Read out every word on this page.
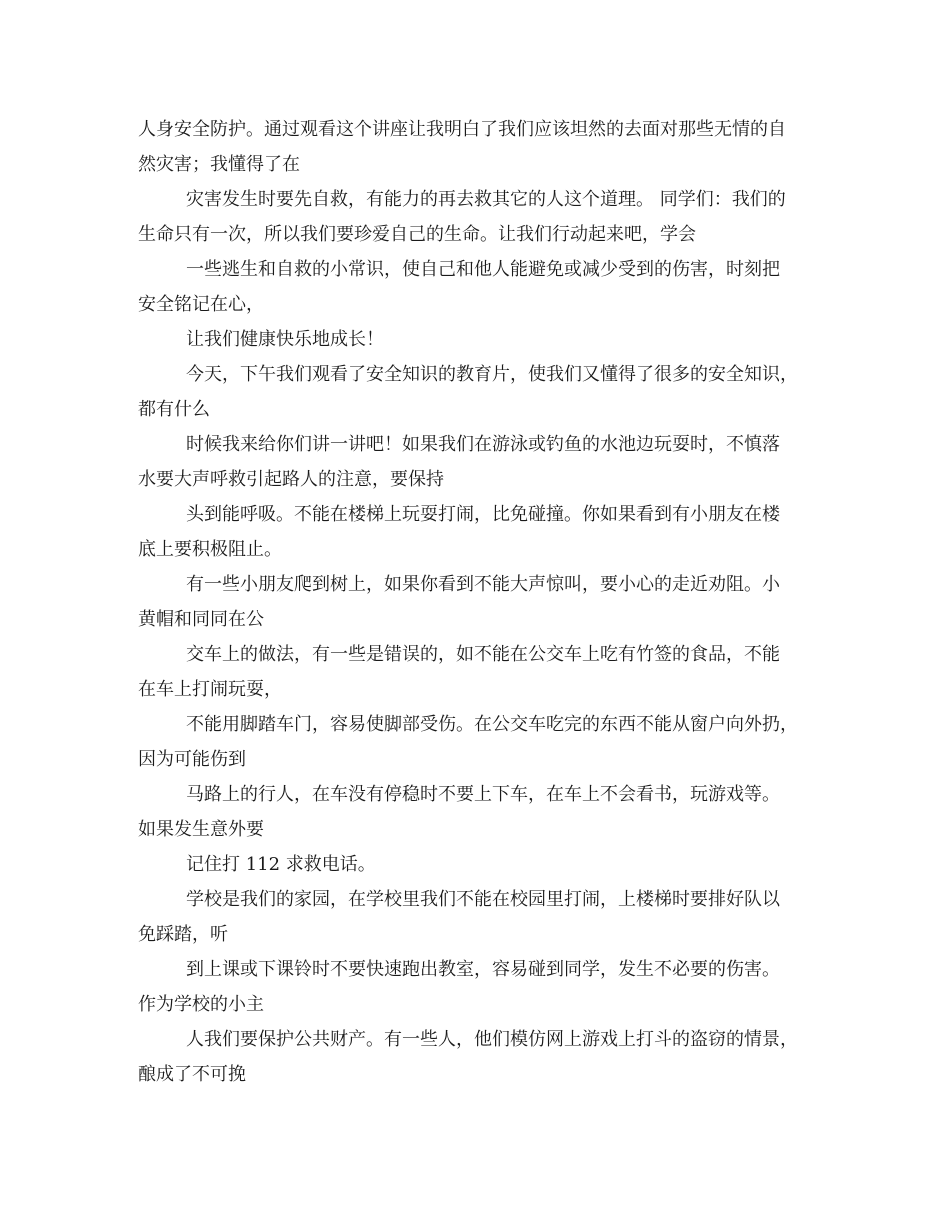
人身安全防护。通过观看这个讲座让我明白了我们应该坦然的去面对那些无情的自
然灾害；我懂得了在
灾害发生时要先自救，有能力的再去救其它的人这个道理。 同学们：我们的
生命只有一次，所以我们要珍爱自己的生命。让我们行动起来吧，学会
一些逃生和自救的小常识，使自己和他人能避免或减少受到的伤害，时刻把
安全铭记在心，
让我们健康快乐地成长！
今天，下午我们观看了安全知识的教育片，使我们又懂得了很多的安全知识，
都有什么
时候我来给你们讲一讲吧！如果我们在游泳或钓鱼的水池边玩耍时，不慎落
水要大声呼救引起路人的注意，要保持
头到能呼吸。不能在楼梯上玩耍打闹，比免碰撞。你如果看到有小朋友在楼
底上要积极阻止。
有一些小朋友爬到树上，如果你看到不能大声惊叫，要小心的走近劝阻。小
黄帽和同同在公
交车上的做法，有一些是错误的，如不能在公交车上吃有竹签的食品，不能
在车上打闹玩耍，
不能用脚踏车门，容易使脚部受伤。在公交车吃完的东西不能从窗户向外扔，
因为可能伤到
马路上的行人，在车没有停稳时不要上下车，在车上不会看书，玩游戏等。
如果发生意外要
记住打 112 求救电话。
学校是我们的家园，在学校里我们不能在校园里打闹，上楼梯时要排好队以
免踩踏，听
到上课或下课铃时不要快速跑出教室，容易碰到同学，发生不必要的伤害。
作为学校的小主
人我们要保护公共财产。有一些人，他们模仿网上游戏上打斗的盗窃的情景，
酿成了不可挽
